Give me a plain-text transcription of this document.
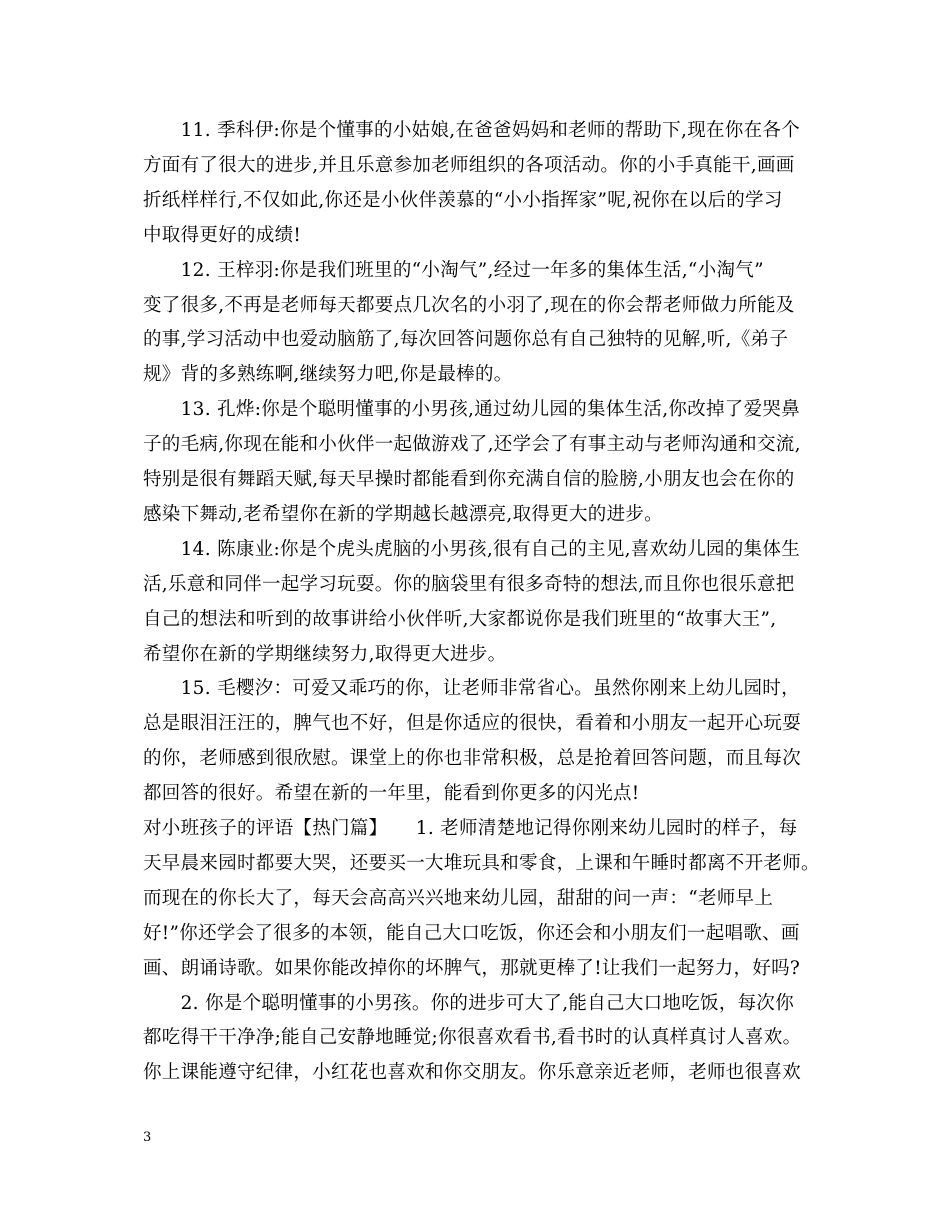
　　11. 季科伊:你是个懂事的小姑娘,在爸爸妈妈和老师的帮助下,现在你在各个
方面有了很大的进步,并且乐意参加老师组织的各项活动。你的小手真能干,画画
折纸样样行,不仅如此,你还是小伙伴羡慕的“小小指挥家”呢,祝你在以后的学习
中取得更好的成绩!
　　12. 王梓羽:你是我们班里的“小淘气”,经过一年多的集体生活,“小淘气”
变了很多,不再是老师每天都要点几次名的小羽了,现在的你会帮老师做力所能及
的事,学习活动中也爱动脑筋了,每次回答问题你总有自己独特的见解,听,《弟子
规》背的多熟练啊,继续努力吧,你是最棒的。
　　13. 孔烨:你是个聪明懂事的小男孩,通过幼儿园的集体生活,你改掉了爱哭鼻
子的毛病,你现在能和小伙伴一起做游戏了,还学会了有事主动与老师沟通和交流,
特别是很有舞蹈天赋,每天早操时都能看到你充满自信的脸膀,小朋友也会在你的
感染下舞动,老希望你在新的学期越长越漂亮,取得更大的进步。
　　14. 陈康业:你是个虎头虎脑的小男孩,很有自己的主见,喜欢幼儿园的集体生
活,乐意和同伴一起学习玩耍。你的脑袋里有很多奇特的想法,而且你也很乐意把
自己的想法和听到的故事讲给小伙伴听,大家都说你是我们班里的“故事大王”,
希望你在新的学期继续努力,取得更大进步。
　　15. 毛樱汐：可爱又乖巧的你，让老师非常省心。虽然你刚来上幼儿园时，
总是眼泪汪汪的，脾气也不好，但是你适应的很快，看着和小朋友一起开心玩耍
的你，老师感到很欣慰。课堂上的你也非常积极，总是抢着回答问题，而且每次
都回答的很好。希望在新的一年里，能看到你更多的闪光点!
对小班孩子的评语【热门篇】　　1. 老师清楚地记得你刚来幼儿园时的样子，每
天早晨来园时都要大哭，还要买一大堆玩具和零食，上课和午睡时都离不开老师。
而现在的你长大了，每天会高高兴兴地来幼儿园，甜甜的问一声：“老师早上
好!”你还学会了很多的本领，能自己大口吃饭，你还会和小朋友们一起唱歌、画
画、朗诵诗歌。如果你能改掉你的坏脾气，那就更棒了!让我们一起努力，好吗?
　　2. 你是个聪明懂事的小男孩。你的进步可大了,能自己大口地吃饭，每次你
都吃得干干净净;能自己安静地睡觉;你很喜欢看书,看书时的认真样真讨人喜欢。
你上课能遵守纪律，小红花也喜欢和你交朋友。你乐意亲近老师，老师也很喜欢
3
